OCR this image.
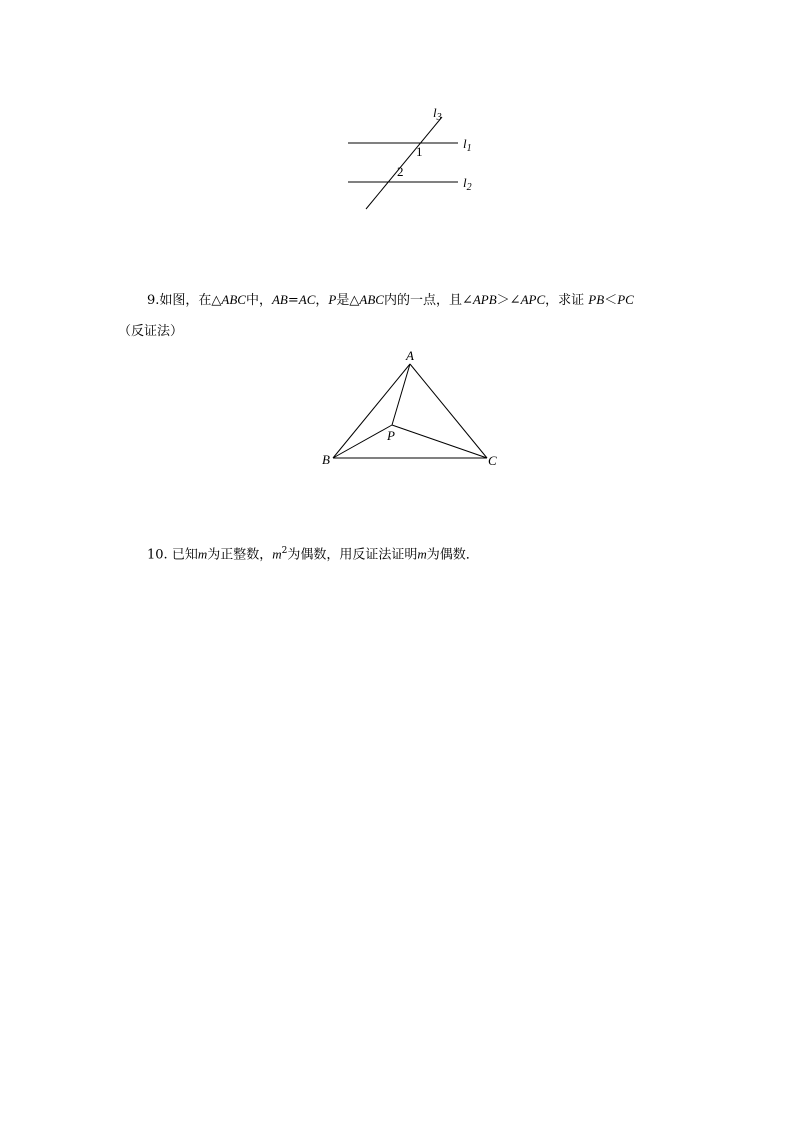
$l_3$
$l_1$
$l_2$
1
2
9.如图，在△ABC中，AB=AC，P是△ABC内的一点，且∠APB＞∠APC，求证 PB＜PC
（反证法）
A
B	C
P
10. 已知m为正整数，$m^2$为偶数，用反证法证明m为偶数．
